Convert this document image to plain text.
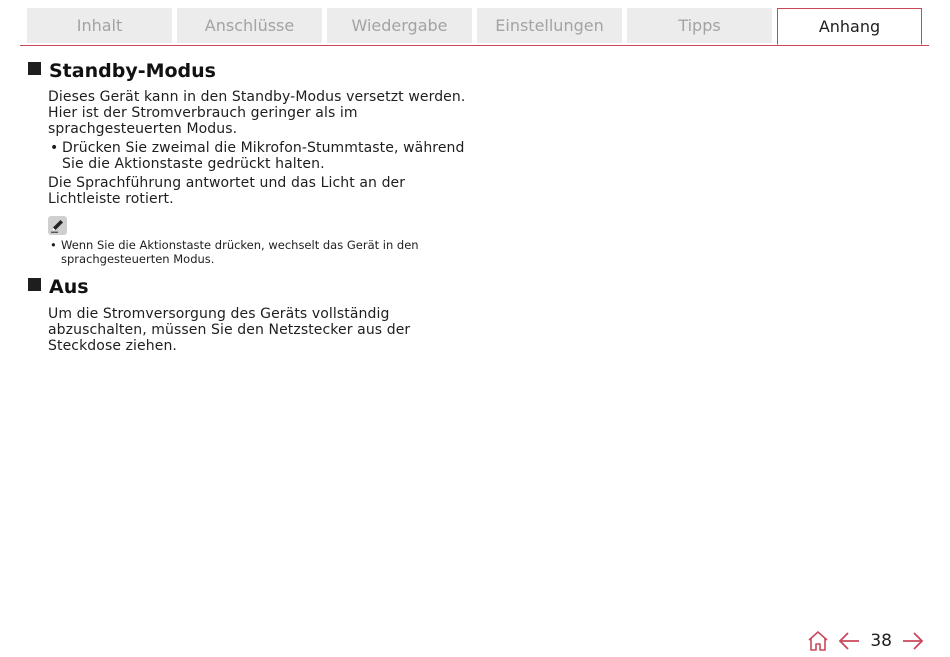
Inhalt	Anschlüsse	Wiedergabe	Einstellungen	Tipps	Anhang
Standby-Modus
Dieses Gerät kann in den Standby-Modus versetzt werden. Hier ist der Stromverbrauch geringer als im sprachgesteuerten Modus.
• Drücken Sie zweimal die Mikrofon-Stummtaste, während Sie die Aktionstaste gedrückt halten.
Die Sprachführung antwortet und das Licht an der Lichtleiste rotiert.
• Wenn Sie die Aktionstaste drücken, wechselt das Gerät in den sprachgesteuerten Modus.
Aus
Um die Stromversorgung des Geräts vollständig abzuschalten, müssen Sie den Netzstecker aus der Steckdose ziehen.
38
